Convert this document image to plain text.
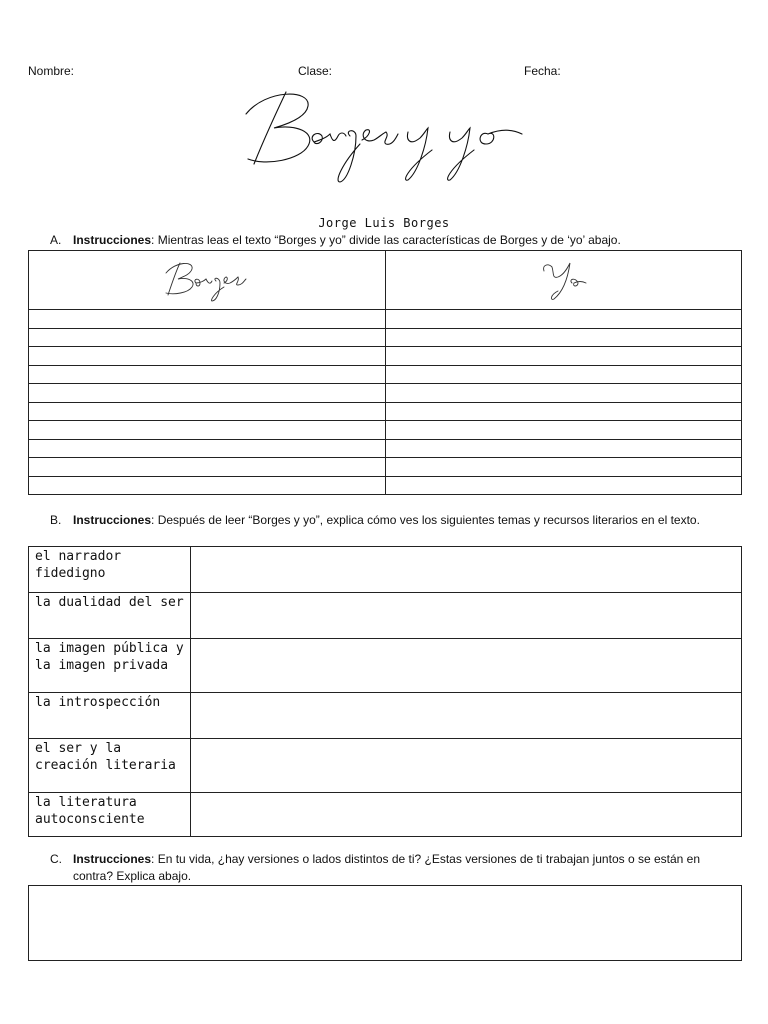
Nombre:	Clase:	Fecha:
Jorge Luis Borges
A. Instrucciones: Mientras leas el texto “Borges y yo” divide las características de Borges y de ‘yo’ abajo.

B. Instrucciones: Después de leer “Borges y yo”, explica cómo ves los siguientes temas y recursos literarios en el texto.
el narrador fidedigno	
la dualidad del ser	
la imagen pública y la imagen privada	
la introspección	
el ser y la creación literaria	
la literatura autoconsciente	
C. Instrucciones: En tu vida, ¿hay versiones o lados distintos de ti? ¿Estas versiones de ti trabajan juntos o se están en
contra? Explica abajo.
